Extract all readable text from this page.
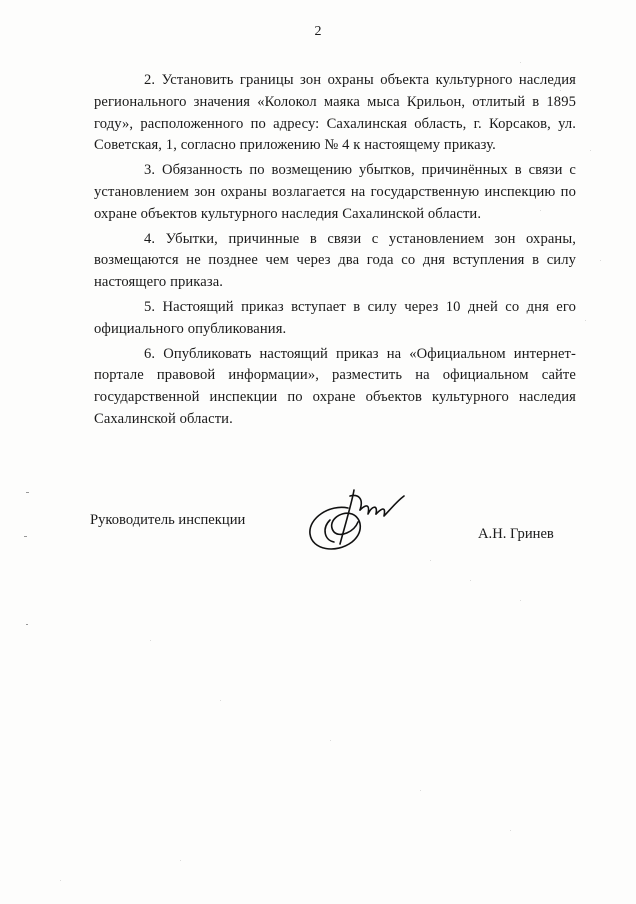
2

2. Установить границы зон охраны объекта культурного наследия регионального значения «Колокол маяка мыса Крильон, отлитый в 1895 году», расположенного по адресу: Сахалинская область, г. Корсаков, ул. Советская, 1, согласно приложению № 4 к настоящему приказу.

3. Обязанность по возмещению убытков, причинённых в связи с установлением зон охраны возлагается на государственную инспекцию по охране объектов культурного наследия Сахалинской области.

4. Убытки, причинные в связи с установлением зон охраны, возмещаются не позднее чем через два года со дня вступления в силу настоящего приказа.

5. Настоящий приказ вступает в силу через 10 дней со дня его официального опубликования.

6. Опубликовать настоящий приказ на «Официальном интернет-портале правовой информации», разместить на официальном сайте государственной инспекции по охране объектов культурного наследия Сахалинской области.

Руководитель инспекции
А.Н. Гринев
